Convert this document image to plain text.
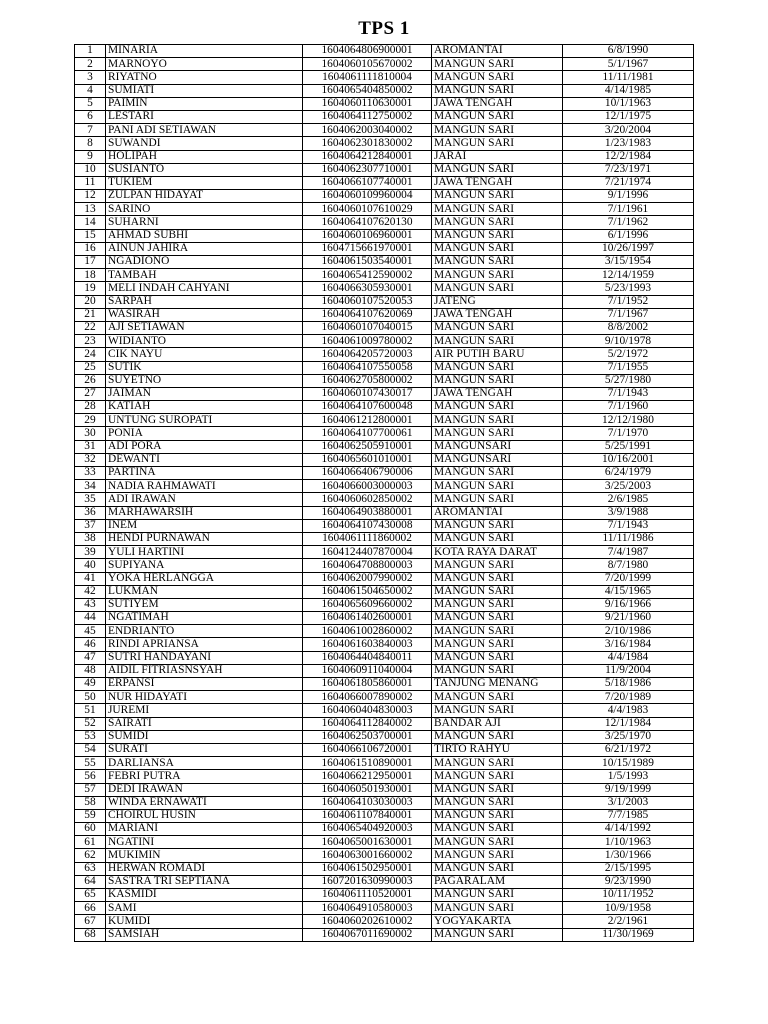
TPS 1
1	MINARIA	1604064806900001	AROMANTAI	6/8/1990
2	MARNOYO	1604060105670002	MANGUN SARI	5/1/1967
3	RIYATNO	1604061111810004	MANGUN SARI	11/11/1981
4	SUMIATI	1604065404850002	MANGUN SARI	4/14/1985
5	PAIMIN	1604060110630001	JAWA TENGAH	10/1/1963
6	LESTARI	1604064112750002	MANGUN SARI	12/1/1975
7	PANI ADI SETIAWAN	1604062003040002	MANGUN SARI	3/20/2004
8	SUWANDI	1604062301830002	MANGUN SARI	1/23/1983
9	HOLIPAH	1604064212840001	JARAI	12/2/1984
10	SUSIANTO	1604062307710001	MANGUN SARI	7/23/1971
11	TUKIEM	1604066107740001	JAWA TENGAH	7/21/1974
12	ZULPAN HIDAYAT	1604060109960004	MANGUN SARI	9/1/1996
13	SARINO	1604060107610029	MANGUN SARI	7/1/1961
14	SUHARNI	1604064107620130	MANGUN SARI	7/1/1962
15	AHMAD SUBHI	1604060106960001	MANGUN SARI	6/1/1996
16	AINUN JAHIRA	1604715661970001	MANGUN SARI	10/26/1997
17	NGADIONO	1604061503540001	MANGUN SARI	3/15/1954
18	TAMBAH	1604065412590002	MANGUN SARI	12/14/1959
19	MELI INDAH CAHYANI	1604066305930001	MANGUN SARI	5/23/1993
20	SARPAH	1604060107520053	JATENG	7/1/1952
21	WASIRAH	1604064107620069	JAWA TENGAH	7/1/1967
22	AJI SETIAWAN	1604060107040015	MANGUN SARI	8/8/2002
23	WIDIANTO	1604061009780002	MANGUN SARI	9/10/1978
24	CIK NAYU	1604064205720003	AIR PUTIH BARU	5/2/1972
25	SUTIK	1604064107550058	MANGUN SARI	7/1/1955
26	SUYETNO	1604062705800002	MANGUN SARI	5/27/1980
27	JAIMAN	1604060107430017	JAWA TENGAH	7/1/1943
28	KATIAH	1604064107600048	MANGUN SARI	7/1/1960
29	UNTUNG SUROPATI	1604061212800001	MANGUN SARI	12/12/1980
30	PONIA	1604064107700061	MANGUN SARI	7/1/1970
31	ADI PORA	1604062505910001	MANGUNSARI	5/25/1991
32	DEWANTI	1604065601010001	MANGUNSARI	10/16/2001
33	PARTINA	1604066406790006	MANGUN SARI	6/24/1979
34	NADIA RAHMAWATI	1604066003000003	MANGUN SARI	3/25/2003
35	ADI IRAWAN	1604060602850002	MANGUN SARI	2/6/1985
36	MARHAWARSIH	1604064903880001	AROMANTAI	3/9/1988
37	INEM	1604064107430008	MANGUN SARI	7/1/1943
38	HENDI PURNAWAN	1604061111860002	MANGUN SARI	11/11/1986
39	YULI HARTINI	1604124407870004	KOTA RAYA DARAT	7/4/1987
40	SUPIYANA	1604064708800003	MANGUN SARI	8/7/1980
41	YOKA HERLANGGA	1604062007990002	MANGUN SARI	7/20/1999
42	LUKMAN	1604061504650002	MANGUN SARI	4/15/1965
43	SUTIYEM	1604065609660002	MANGUN SARI	9/16/1966
44	NGATIMAH	1604061402600001	MANGUN SARI	9/21/1960
45	ENDRIANTO	1604061002860002	MANGUN SARI	2/10/1986
46	RINDI APRIANSA	1604061603840003	MANGUN SARI	3/16/1984
47	SUTRI HANDAYANI	1604064404840011	MANGUN SARI	4/4/1984
48	AIDIL FITRIASNSYAH	1604060911040004	MANGUN SARI	11/9/2004
49	ERPANSI	1604061805860001	TANJUNG MENANG	5/18/1986
50	NUR HIDAYATI	1604066007890002	MANGUN SARI	7/20/1989
51	JUREMI	1604060404830003	MANGUN SARI	4/4/1983
52	SAIRATI	1604064112840002	BANDAR AJI	12/1/1984
53	SUMIDI	1604062503700001	MANGUN SARI	3/25/1970
54	SURATI	1604066106720001	TIRTO RAHYU	6/21/1972
55	DARLIANSA	1604061510890001	MANGUN SARI	10/15/1989
56	FEBRI PUTRA	1604066212950001	MANGUN SARI	1/5/1993
57	DEDI IRAWAN	1604060501930001	MANGUN SARI	9/19/1999
58	WINDA ERNAWATI	1604064103030003	MANGUN SARI	3/1/2003
59	CHOIRUL HUSIN	1604061107840001	MANGUN SARI	7/7/1985
60	MARIANI	1604065404920003	MANGUN SARI	4/14/1992
61	NGATINI	1604065001630001	MANGUN SARI	1/10/1963
62	MUKIMIN	1604063001660002	MANGUN SARI	1/30/1966
63	HERWAN ROMADI	1604061502950001	MANGUN SARI	2/15/1995
64	SASTRA TRI SEPTIANA	1607201630990003	PAGARALAM	9/23/1990
65	KASMIDI	1604061110520001	MANGUN SARI	10/11/1952
66	SAMI	1604064910580003	MANGUN SARI	10/9/1958
67	KUMIDI	1604060202610002	YOGYAKARTA	2/2/1961
68	SAMSIAH	1604067011690002	MANGUN SARI	11/30/1969
